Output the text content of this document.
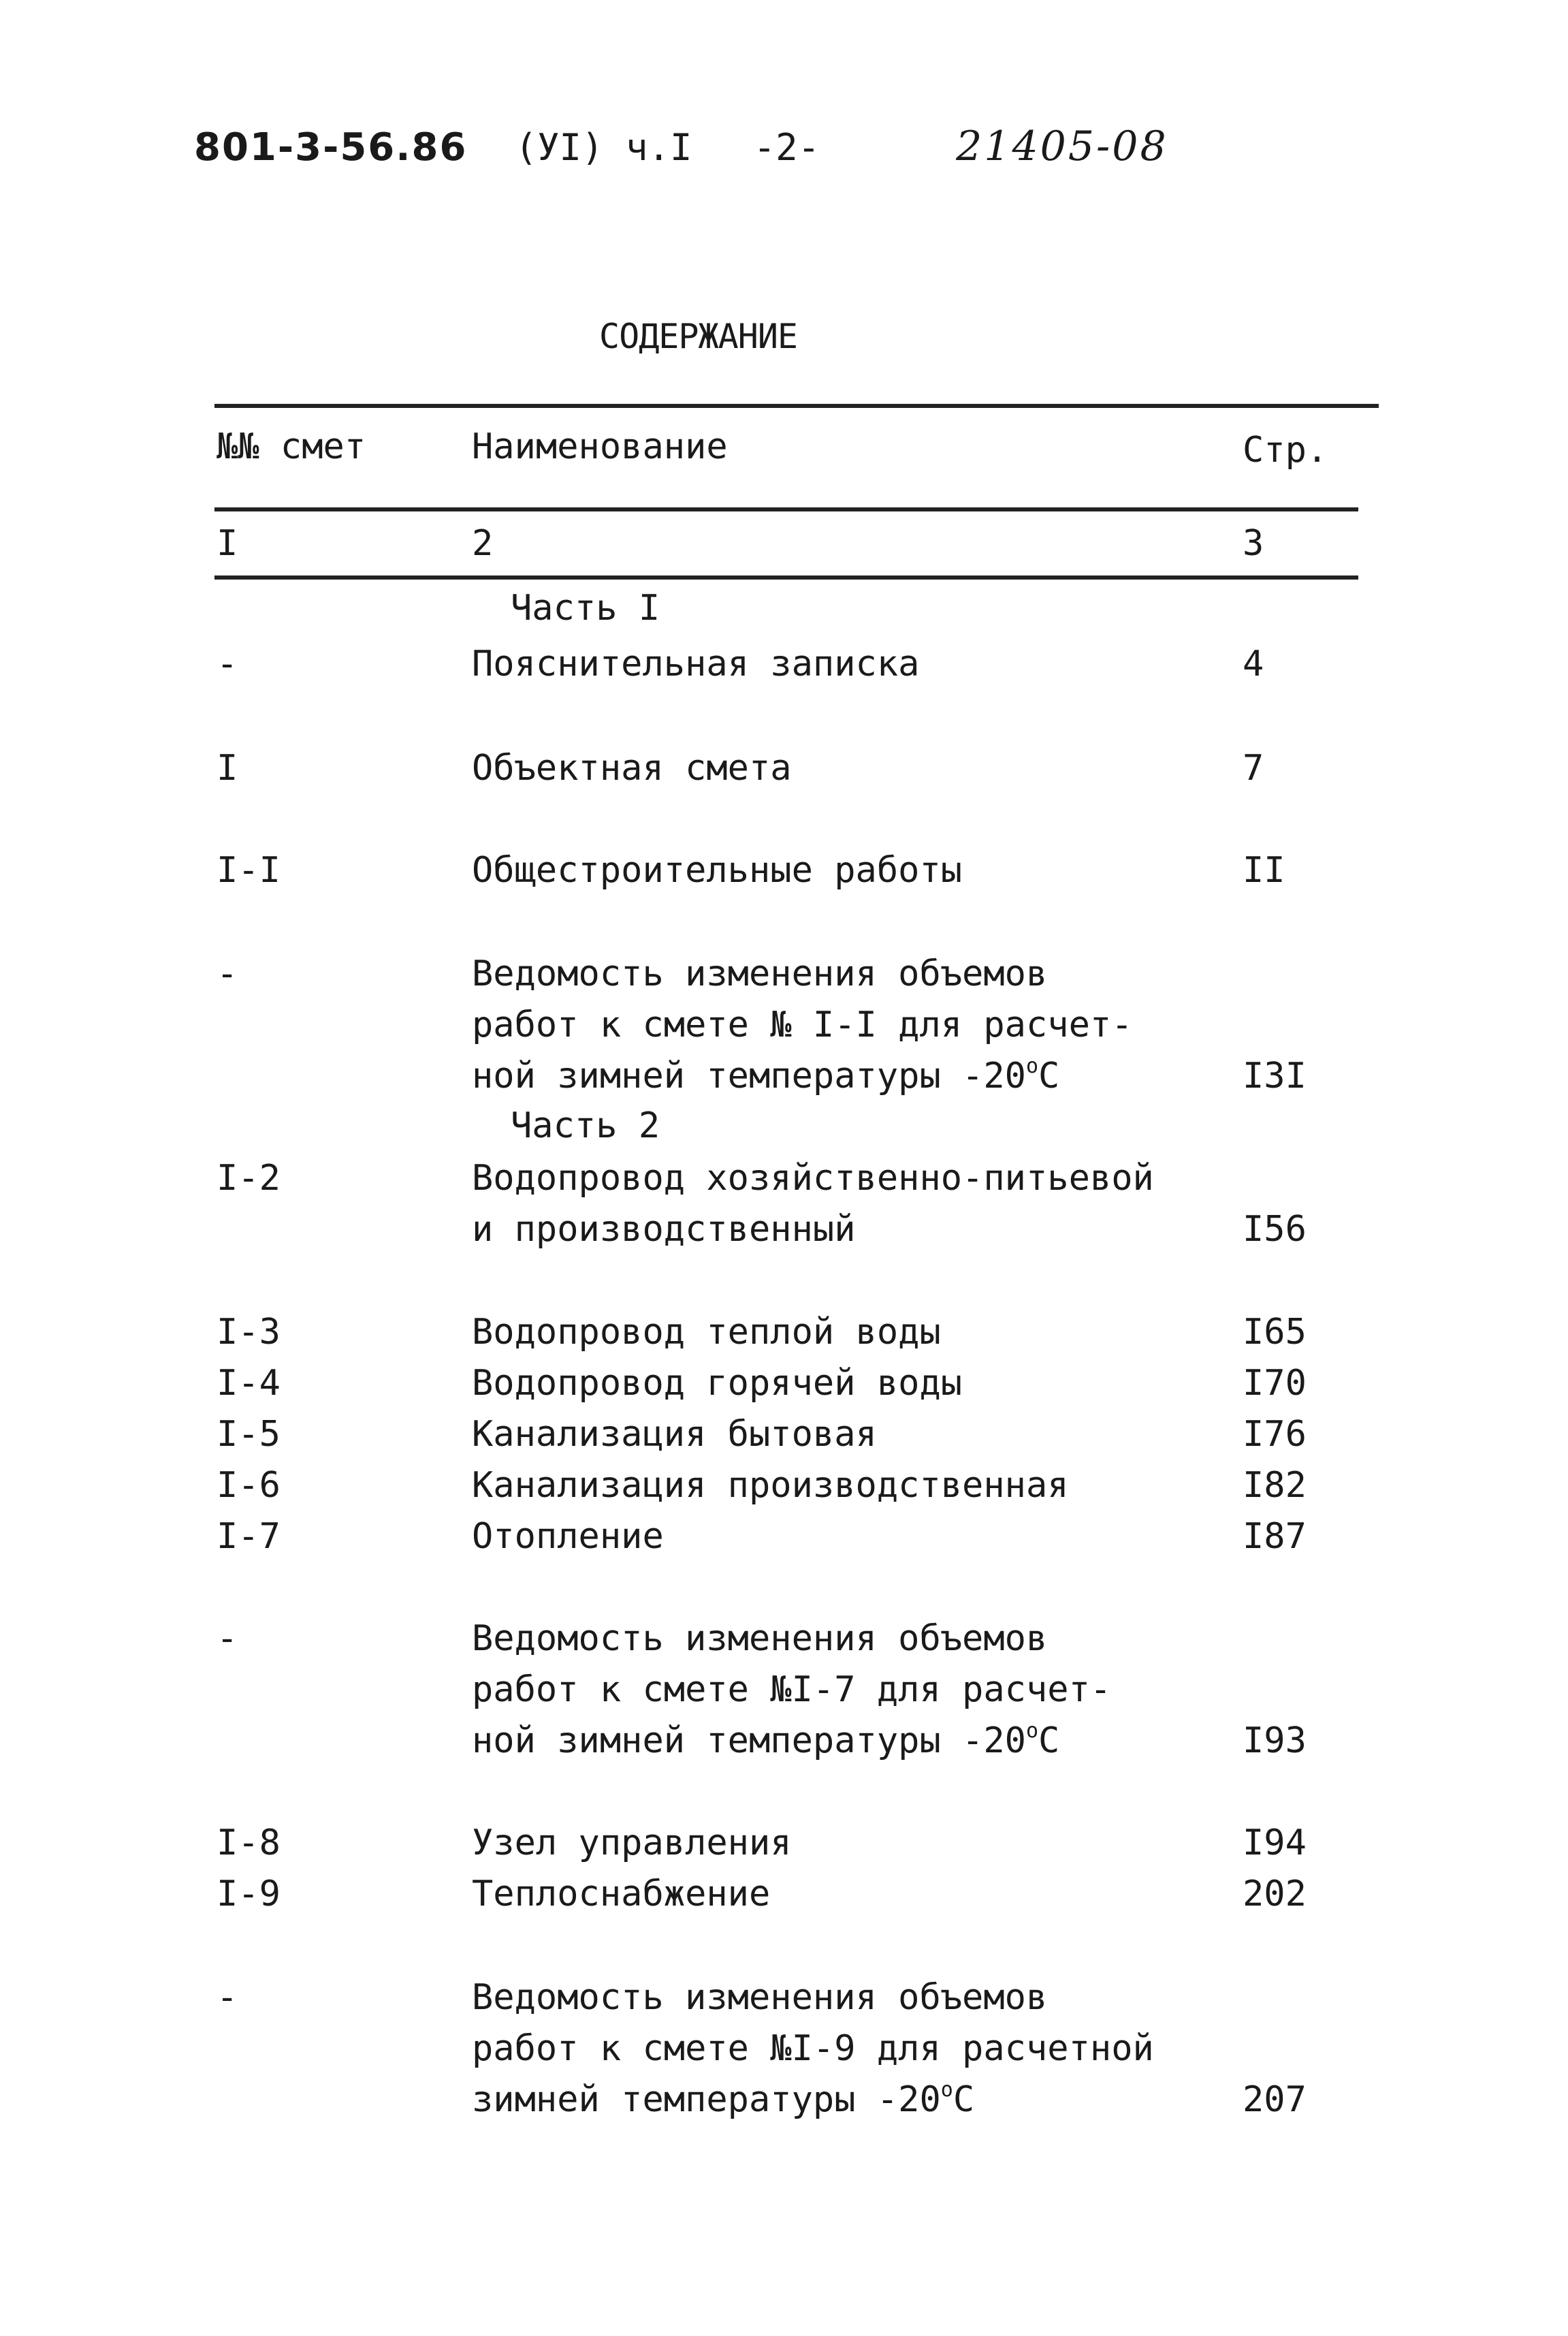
801-3-56.86 (УI) ч.I -2-	21405-08
СОДЕРЖАНИЕ
№№ смет	Наименование	Стр.
I	2	3
Часть I
-	Пояснительная записка	4
I	Объектная смета	7
I-I	Общестроительные работы	II
-	Ведомость изменения объемов
работ к смете № I-I для расчет-
ной зимней температуры -20$^o$С	I3I
Часть 2
I-2	Водопровод хозяйственно-питьевой
и производственный	I56
I-3	Водопровод теплой воды	I65
I-4	Водопровод горячей воды	I70
I-5	Канализация бытовая	I76
I-6	Канализация производственная	I82
I-7	Отопление	I87
-	Ведомость изменения объемов
работ к смете №I-7 для расчет-
ной зимней температуры -20$^o$С	I93
I-8	Узел управления	I94
I-9	Теплоснабжение	202
-	Ведомость изменения объемов
работ к смете №I-9 для расчетной
зимней температуры -20$^o$С	207
